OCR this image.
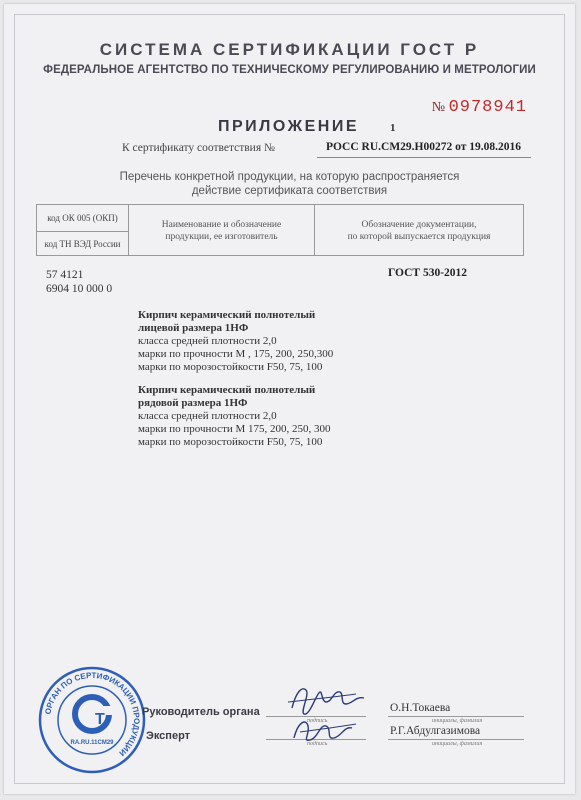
СИСТЕМА СЕРТИФИКАЦИИ ГОСТ Р
ФЕДЕРАЛЬНОЕ АГЕНТСТВО ПО ТЕХНИЧЕСКОМУ РЕГУЛИРОВАНИЮ И МЕТРОЛОГИИ
№ 0978941
ПРИЛОЖЕНИЕ	1
К сертификату соответствия №	РОСС RU.CM29.H00272 от 19.08.2016
Перечень конкретной продукции, на которую распространяется
действие сертификата соответствия
код ОК 005 (ОКП)
код ТН ВЭД России
Наименование и обозначение
продукции, ее изготовитель
Обозначение документации,
по которой выпускается продукция
57 4121
6904 10 000 0
ГОСТ 530-2012
Кирпич керамический полнотелый
лицевой размера 1НФ
класса средней плотности 2,0
марки по прочности М , 175, 200, 250,300
марки по морозостойкости F50, 75, 100
Кирпич керамический полнотелый
рядовой размера 1НФ
класса средней плотности 2,0
марки по прочности М 175, 200, 250, 300
марки по морозостойкости F50, 75, 100
ОРГАН ПО СЕРТИФИКАЦИИ ПРОДУКЦИИ
T
RA.RU.11CM29
Руководитель органа
подпись
О.Н.Токаева
инициалы, фамилия
Эксперт
подпись
Р.Г.Абдулгазимова
инициалы, фамилия
